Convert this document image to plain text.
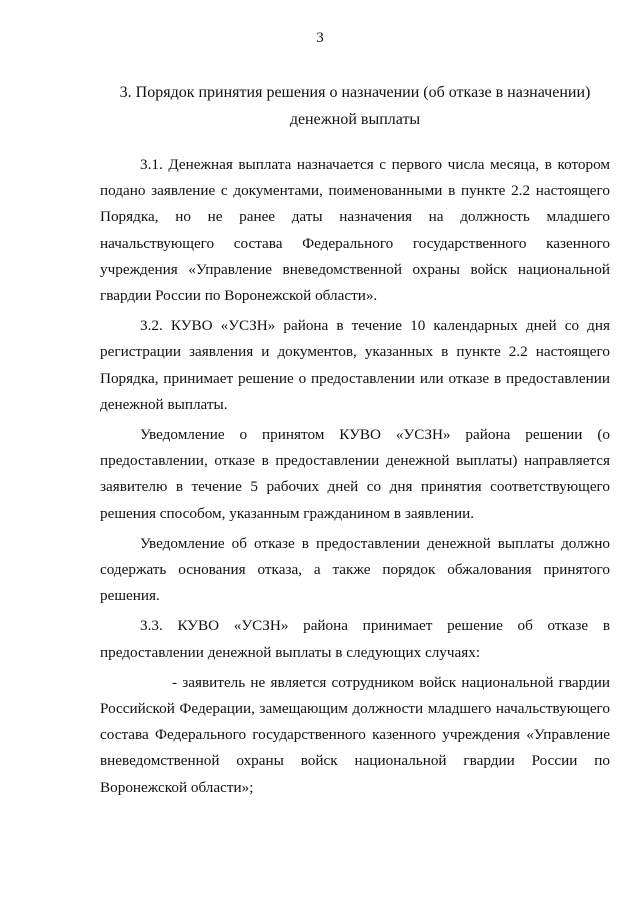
3
3. Порядок принятия решения о назначении (об отказе в назначении)
денежной выплаты

3.1. Денежная выплата назначается с первого числа месяца, в котором подано заявление с документами, поименованными в пункте 2.2 настоящего Порядка, но не ранее даты назначения на должность младшего начальствующего состава Федерального государственного казенного учреждения «Управление вневедомственной охраны войск национальной гвардии России по Воронежской области».

3.2. КУВО «УСЗН» района в течение 10 календарных дней со дня регистрации заявления и документов, указанных в пункте 2.2 настоящего Порядка, принимает решение о предоставлении или отказе в предоставлении денежной выплаты.

Уведомление о принятом КУВО «УСЗН» района решении (о предоставлении, отказе в предоставлении денежной выплаты) направляется заявителю в течение 5 рабочих дней со дня принятия соответствующего решения способом, указанным гражданином в заявлении.

Уведомление об отказе в предоставлении денежной выплаты должно содержать основания отказа, а также порядок обжалования принятого решения.

3.3. КУВО «УСЗН» района принимает решение об отказе в предоставлении денежной выплаты в следующих случаях:

- заявитель не является сотрудником войск национальной гвардии Российской Федерации, замещающим должности младшего начальствующего состава Федерального государственного казенного учреждения «Управление вневедомственной охраны войск национальной гвардии России по Воронежской области»;
